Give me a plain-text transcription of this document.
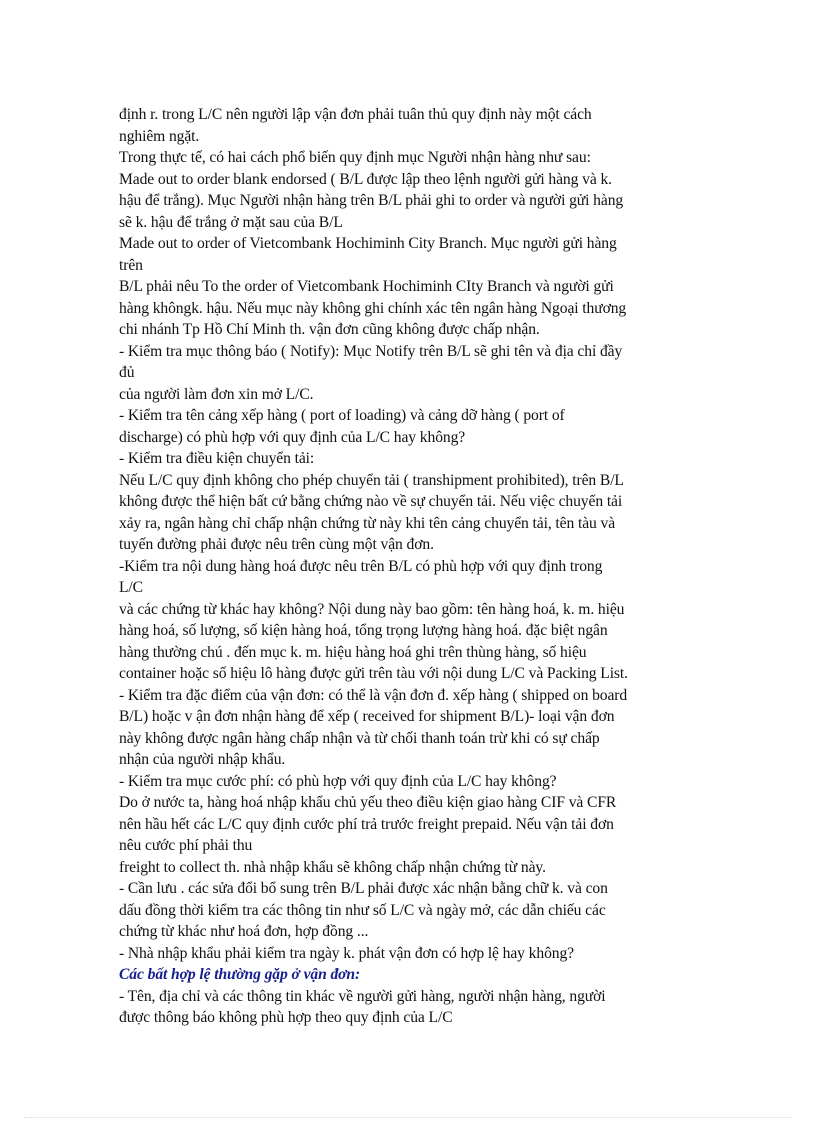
định r. trong L/C nên người lập vận đơn phải tuân thủ quy định này một cách
nghiêm ngặt.
Trong thực tế, có hai cách phổ biến quy định mục Người nhận hàng như sau:
Made out to order blank endorsed ( B/L được lập theo lệnh người gửi hàng và k.
hậu để trắng). Mục Người nhận hàng trên B/L phải ghi to order và người gửi hàng
sẽ k. hậu để trắng ở mặt sau của B/L
Made out to order of Vietcombank Hochiminh City Branch. Mục người gửi hàng
trên
B/L phải nêu To the order of Vietcombank Hochiminh CIty Branch và người gửi
hàng khôngk. hậu. Nếu mục này không ghi chính xác tên ngân hàng Ngoại thương
chi nhánh Tp Hồ Chí Minh th. vận đơn cũng không được chấp nhận.
- Kiểm tra mục thông báo ( Notify): Mục Notify trên B/L sẽ ghi tên và địa chỉ đầy
đủ
của người làm đơn xin mở L/C.
- Kiểm tra tên cảng xếp hàng ( port of loading) và cảng dỡ hàng ( port of
discharge) có phù hợp với quy định của L/C hay không?
- Kiểm tra điều kiện chuyển tải:
Nếu L/C quy định không cho phép chuyển tải ( transhipment prohibited), trên B/L
không được thể hiện bất cứ bằng chứng nào về sự chuyển tải. Nếu việc chuyển tải
xảy ra, ngân hàng chỉ chấp nhận chứng từ này khi tên cảng chuyển tải, tên tàu và
tuyến đường phải được nêu trên cùng một vận đơn.
-Kiểm tra nội dung hàng hoá được nêu trên B/L có phù hợp với quy định trong
L/C
và các chứng từ khác hay không? Nội dung này bao gồm: tên hàng hoá, k. m. hiệu
hàng hoá, số lượng, số kiện hàng hoá, tổng trọng lượng hàng hoá. đặc biệt ngân
hàng thường chú . đến mục k. m. hiệu hàng hoá ghi trên thùng hàng, số hiệu
container hoặc số hiệu lô hàng được gửi trên tàu với nội dung L/C và Packing List.
- Kiểm tra đặc điểm của vận đơn: có thể là vận đơn đ. xếp hàng ( shipped on board
B/L) hoặc v ận đơn nhận hàng để xếp ( received for shipment B/L)- loại vận đơn
này không được ngân hàng chấp nhận và từ chối thanh toán trừ khi có sự chấp
nhận của người nhập khẩu.
- Kiểm tra mục cước phí: có phù hợp với quy định của L/C hay không?
Do ở nước ta, hàng hoá nhập khẩu chủ yếu theo điều kiện giao hàng CIF và CFR
nên hầu hết các L/C quy định cước phí trả trước freight prepaid. Nếu vận tải đơn
nêu cước phí phải thu
freight to collect th. nhà nhập khẩu sẽ không chấp nhận chứng từ này.
- Cần lưu . các sửa đổi bổ sung trên B/L phải được xác nhận bằng chữ k. và con
dấu đồng thời kiểm tra các thông tin như số L/C và ngày mở, các dẫn chiếu các
chứng từ khác như hoá đơn, hợp đồng ...
- Nhà nhập khẩu phải kiểm tra ngày k. phát vận đơn có hợp lệ hay không?
Các bất hợp lệ thường gặp ở vận đơn:
- Tên, địa chỉ và các thông tin khác về người gửi hàng, người nhận hàng, người
được thông báo không phù hợp theo quy định của L/C
